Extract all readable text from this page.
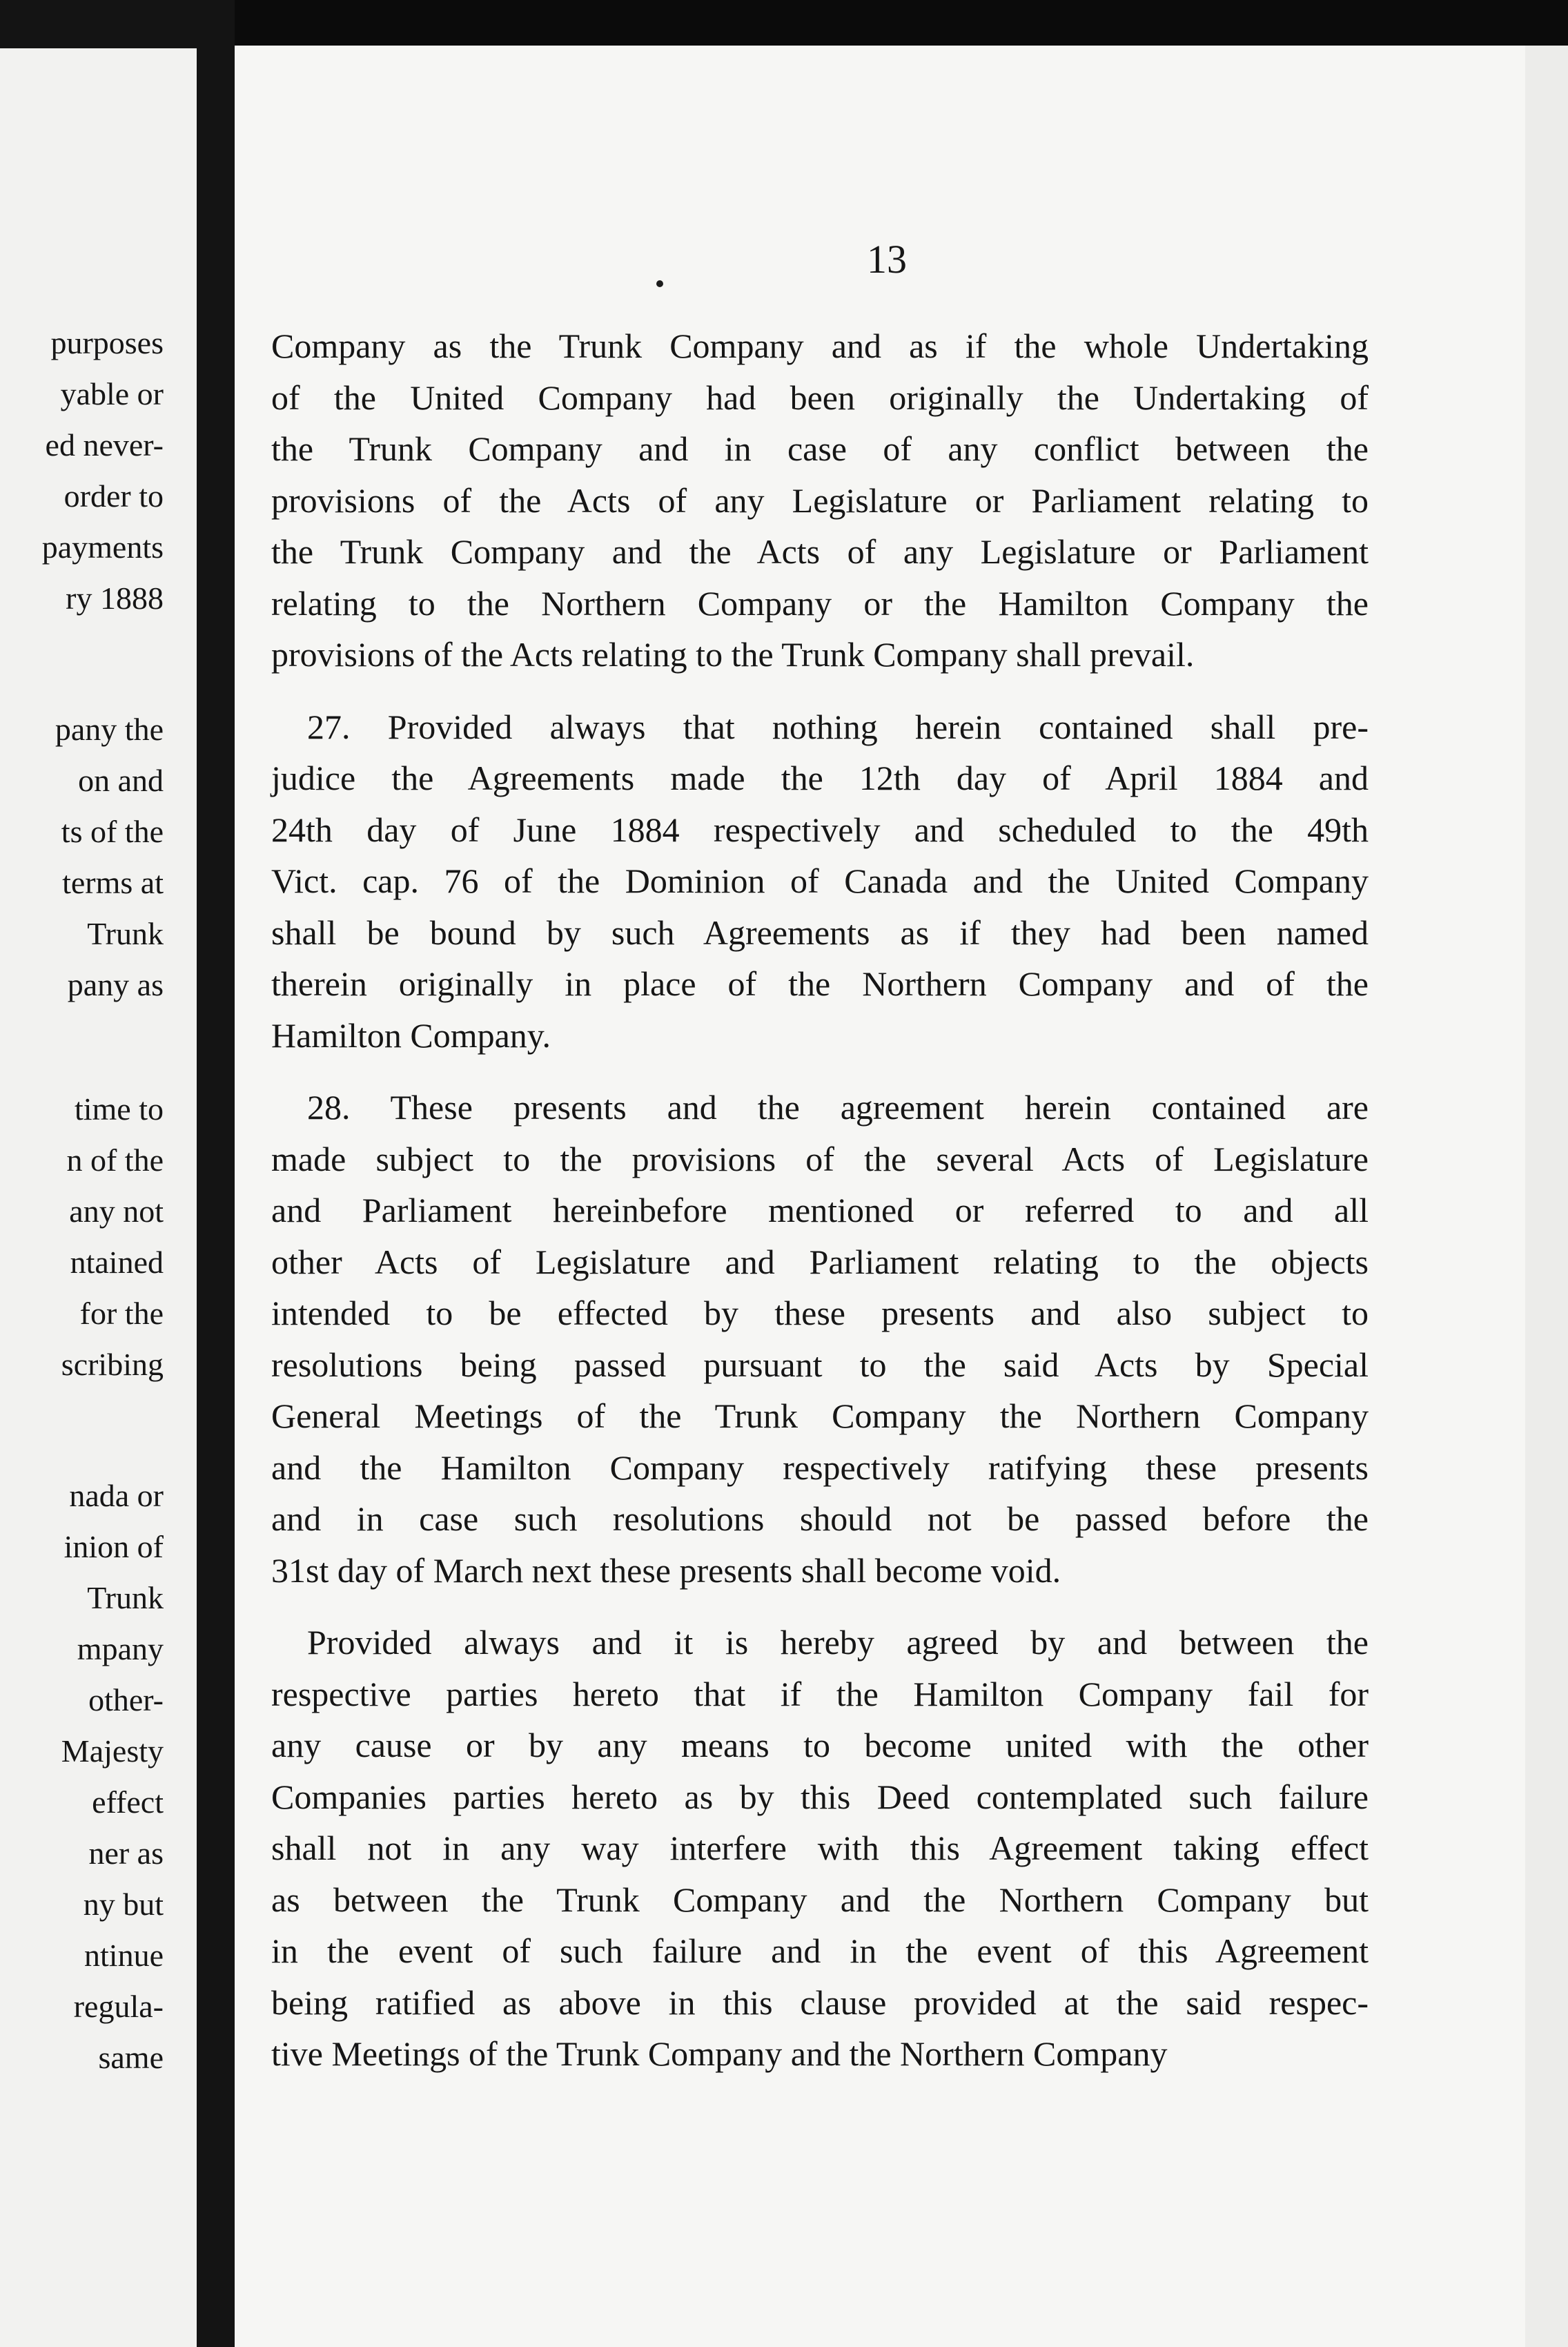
purposes
yable or
ed never-
order to
payments
ry 1888
pany the
on and
ts of the
terms at
Trunk
pany as
time to
n of the
any not
ntained
for the
scribing
nada or
inion of
Trunk
mpany
other-
Majesty
effect
ner as
ny but
ntinue
regula-
same
13
Company as the Trunk Company and as if the whole Undertaking
of the United Company had been originally the Undertaking of
the Trunk Company and in case of any conflict between the
provisions of the Acts of any Legislature or Parliament relating to
the Trunk Company and the Acts of any Legislature or Parliament
relating to the Northern Company or the Hamilton Company the
provisions of the Acts relating to the Trunk Company shall prevail.
27. Provided always that nothing herein contained shall pre-
judice the Agreements made the 12th day of April 1884 and
24th day of June 1884 respectively and scheduled to the 49th
Vict. cap. 76 of the Dominion of Canada and the United Company
shall be bound by such Agreements as if they had been named
therein originally in place of the Northern Company and of the
Hamilton Company.
28. These presents and the agreement herein contained are
made subject to the provisions of the several Acts of Legislature
and Parliament hereinbefore mentioned or referred to and all
other Acts of Legislature and Parliament relating to the objects
intended to be effected by these presents and also subject to
resolutions being passed pursuant to the said Acts by Special
General Meetings of the Trunk Company the Northern Company
and the Hamilton Company respectively ratifying these presents
and in case such resolutions should not be passed before the
31st day of March next these presents shall become void.
Provided always and it is hereby agreed by and between the
respective parties hereto that if the Hamilton Company fail for
any cause or by any means to become united with the other
Companies parties hereto as by this Deed contemplated such failure
shall not in any way interfere with this Agreement taking effect
as between the Trunk Company and the Northern Company but
in the event of such failure and in the event of this Agreement
being ratified as above in this clause provided at the said respec-
tive Meetings of the Trunk Company and the Northern Company
